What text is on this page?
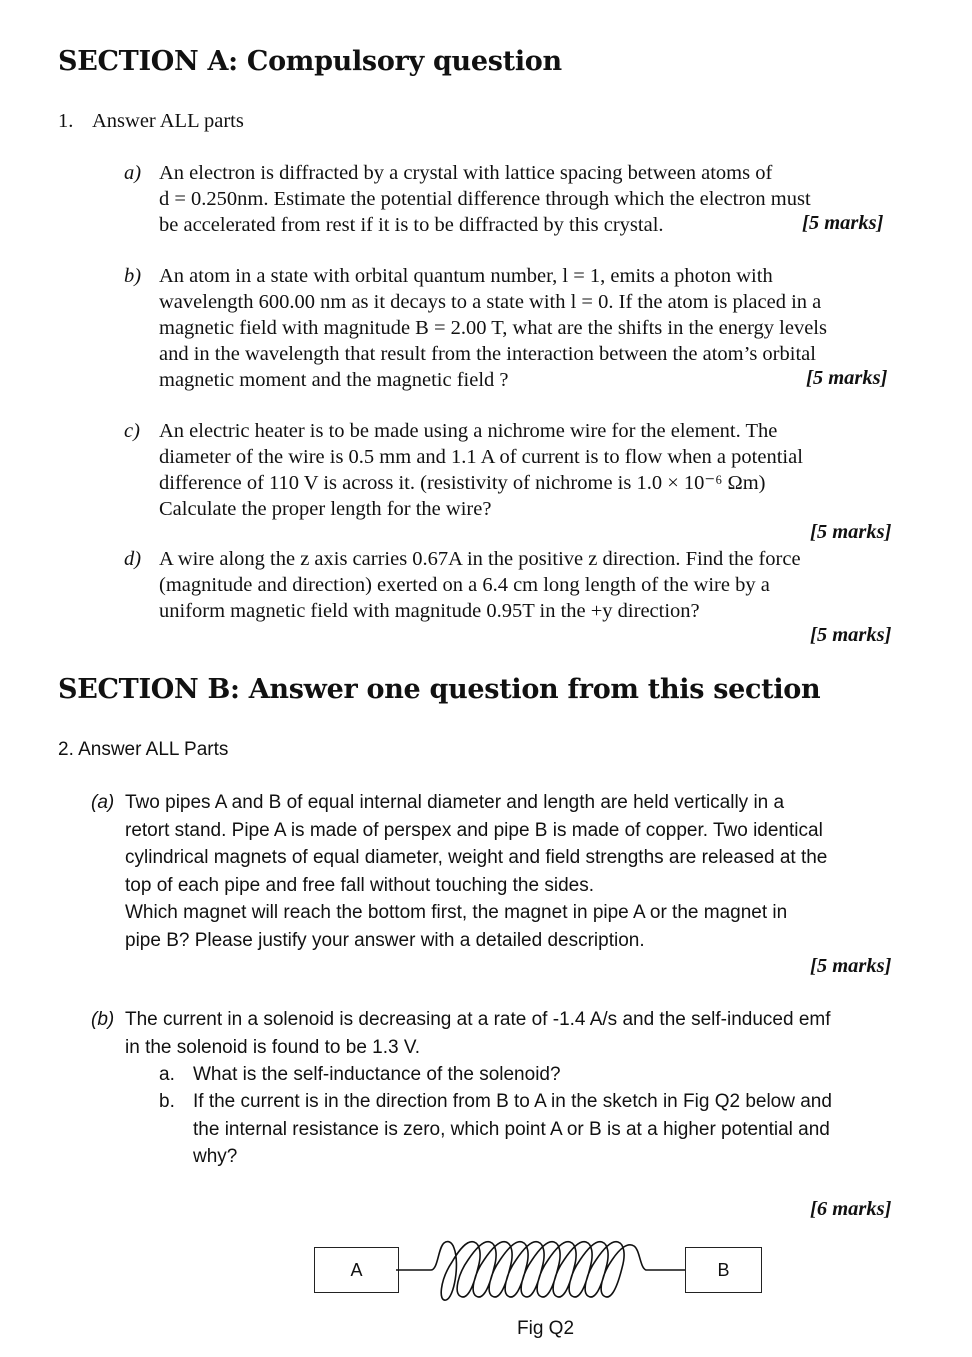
SECTION A: Compulsory question
1. Answer ALL parts
a) An electron is diffracted by a crystal with lattice spacing between atoms of
d = 0.250nm. Estimate the potential difference through which the electron must
be accelerated from rest if it is to be diffracted by this crystal.	[5 marks]
b) An atom in a state with orbital quantum number, l = 1, emits a photon with
wavelength 600.00 nm as it decays to a state with l = 0. If the atom is placed in a
magnetic field with magnitude B = 2.00 T, what are the shifts in the energy levels
and in the wavelength that result from the interaction between the atom’s orbital
magnetic moment and the magnetic field ?	[5 marks]
c) An electric heater is to be made using a nichrome wire for the element. The
diameter of the wire is 0.5 mm and 1.1 A of current is to flow when a potential
difference of 110 V is across it. (resistivity of nichrome is 1.0 × 10⁻⁶ Ωm)
Calculate the proper length for the wire?
[5 marks]
d) A wire along the z axis carries 0.67A in the positive z direction. Find the force
(magnitude and direction) exerted on a 6.4 cm long length of the wire by a
uniform magnetic field with magnitude 0.95T in the +y direction?
[5 marks]
SECTION B: Answer one question from this section
2. Answer ALL Parts
(a) Two pipes A and B of equal internal diameter and length are held vertically in a
retort stand. Pipe A is made of perspex and pipe B is made of copper. Two identical
cylindrical magnets of equal diameter, weight and field strengths are released at the
top of each pipe and free fall without touching the sides.
Which magnet will reach the bottom first, the magnet in pipe A or the magnet in
pipe B? Please justify your answer with a detailed description.
[5 marks]
(b) The current in a solenoid is decreasing at a rate of -1.4 A/s and the self-induced emf
in the solenoid is found to be 1.3 V.
a. What is the self-inductance of the solenoid?
b. If the current is in the direction from B to A in the sketch in Fig Q2 below and
the internal resistance is zero, which point A or B is at a higher potential and
why?
[6 marks]
A	B
Fig Q2
